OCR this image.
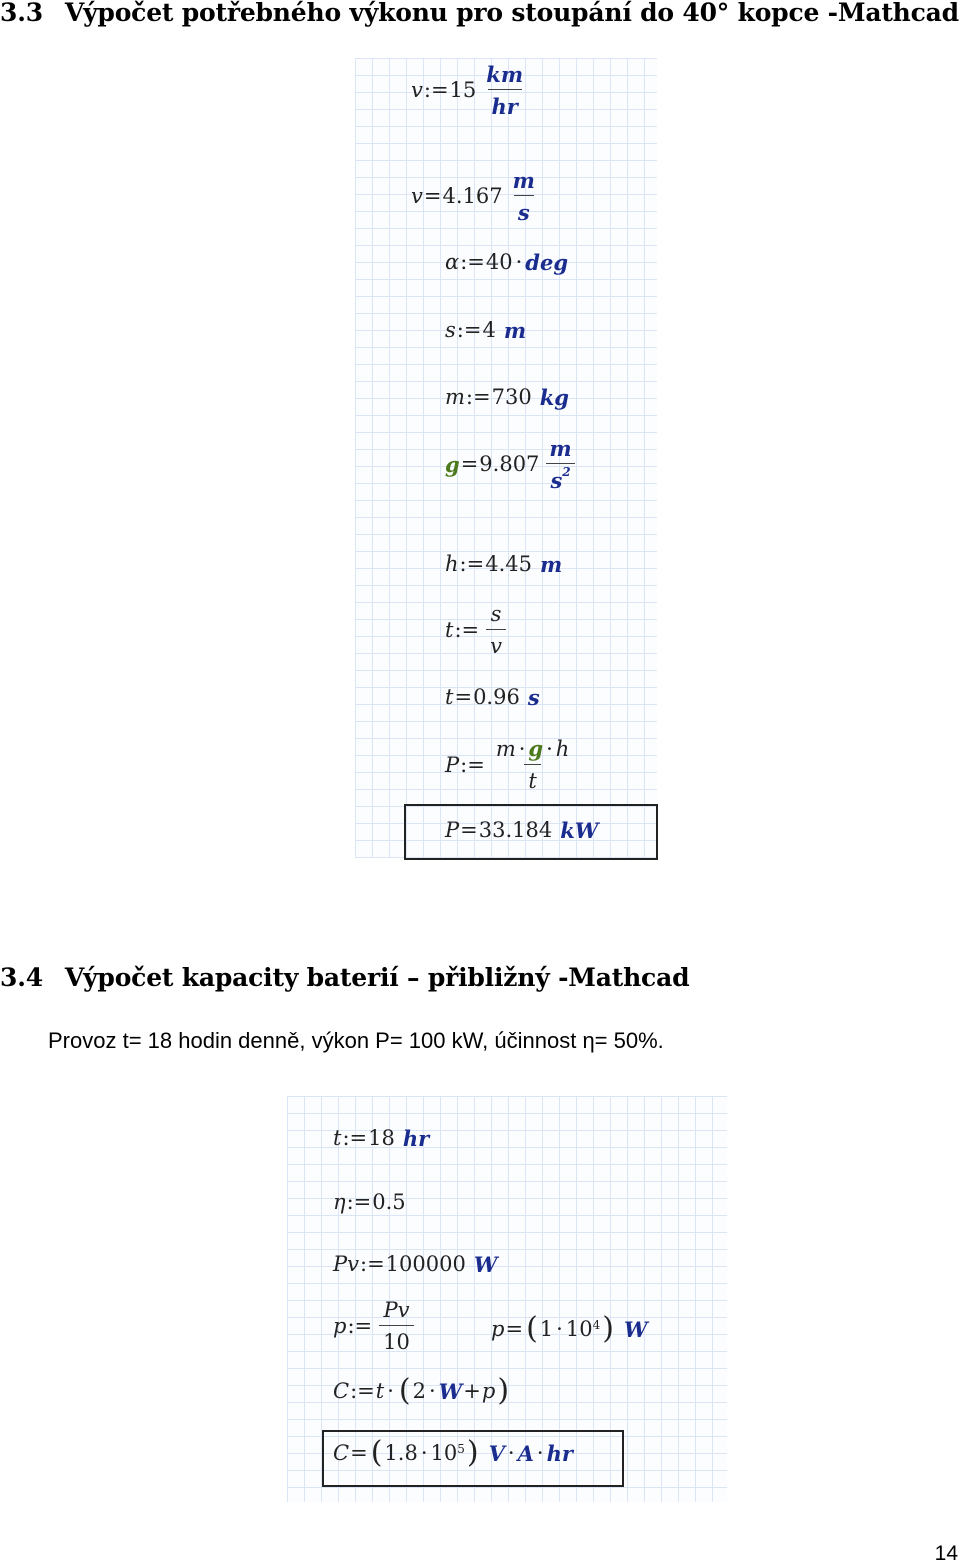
3.3 Výpočet potřebného výkonu pro stoupání do 40° kopce -Mathcad
v := $15 \frac{km}{hr}$
$v = 4.167 \frac{m}{s}$
α := 40 · deg
s := 4 m
m := 730 kg
$g = 9.807 \frac{m}{s^2}$
h := 4.45 m
t := $\frac{s}{v}$
t = 0.96 s
P := $\frac{m \cdot g \cdot h}{t}$
P = 33.184 kW
3.4 Výpočet kapacity baterií – přibližný -Mathcad

Provoz t= 18 hodin denně, výkon P= 100 kW, účinnost η= 50%.

t := 18 hr
η := 0.5
Pv := 100000 W
p := $\frac{Pv}{10}$	p = ( $1 \cdot 10^4$ ) W
C := t · ( 2 · W + p )
C = ( $1.8 \cdot 10^5$ ) V · A · hr
14
